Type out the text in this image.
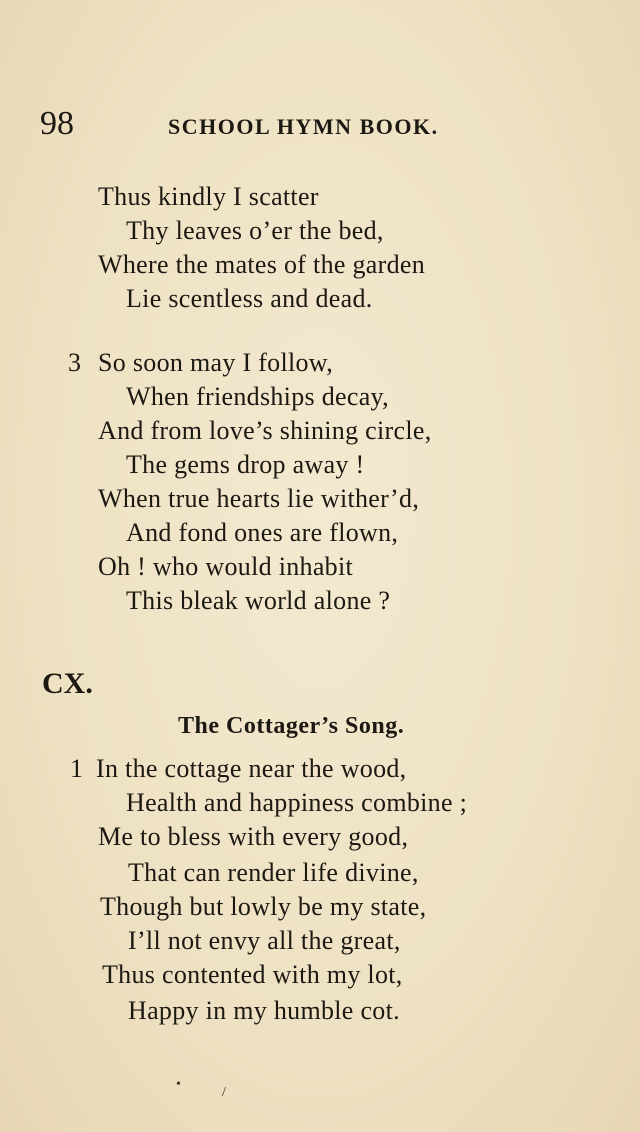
98	SCHOOL HYMN BOOK.
Thus kindly I scatter
Thy leaves o’er the bed,
Where the mates of the garden
Lie scentless and dead.
3 So soon may I follow,
When friendships decay,
And from love’s shining circle,
The gems drop away !
When true hearts lie wither’d,
And fond ones are flown,
Oh ! who would inhabit
This bleak world alone ?
CX.
The Cottager’s Song.
1 In the cottage near the wood,
Health and happiness combine ;
Me to bless with every good,
That can render life divine,
Though but lowly be my state,
I’ll not envy all the great,
Thus contented with my lot,
Happy in my humble cot.
•
/
